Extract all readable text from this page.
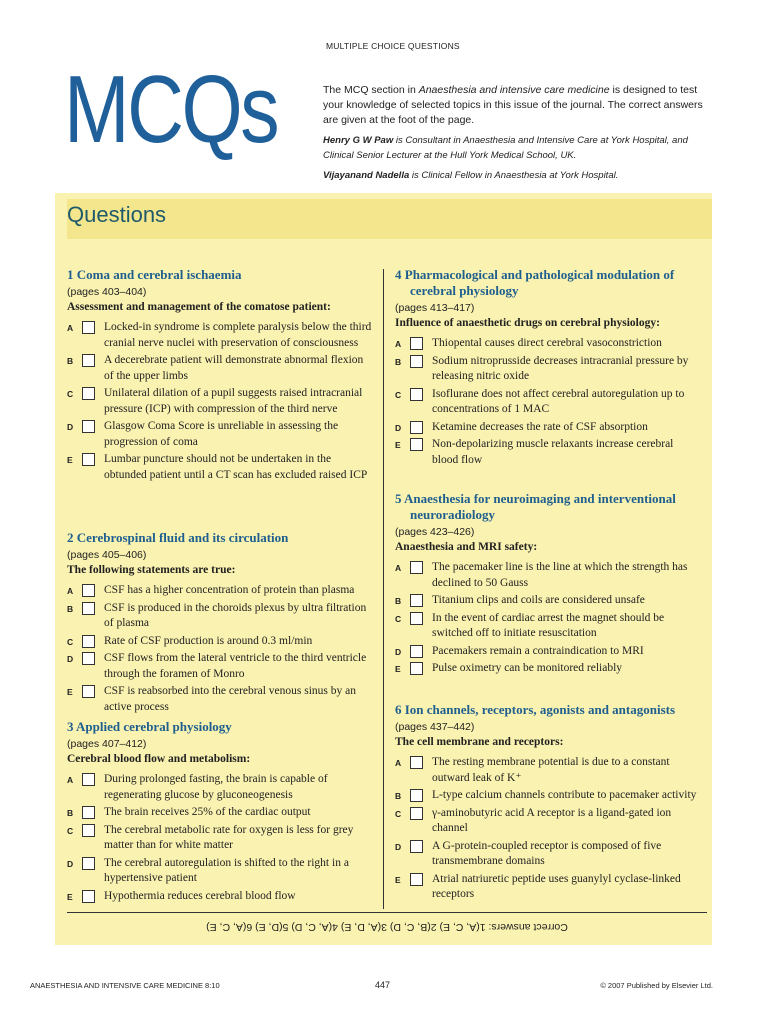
MULTIPLE CHOICE QUESTIONS
MCQs	The MCQ section in Anaesthesia and intensive care medicine is designed to test your knowledge of selected topics in this issue of the journal. The correct answers are given at the foot of the page.

Henry G W Paw is Consultant in Anaesthesia and Intensive Care at York Hospital, and Clinical Senior Lecturer at the Hull York Medical School, UK.

Vijayanand Nadella is Clinical Fellow in Anaesthesia at York Hospital.

Questions
1 Coma and cerebral ischaemia
(pages 403–404)
Assessment and management of the comatose patient:
A	Locked-in syndrome is complete paralysis below the third cranial nerve nuclei with preservation of consciousness
B	A decerebrate patient will demonstrate abnormal flexion of the upper limbs
C	Unilateral dilation of a pupil suggests raised intracranial pressure (ICP) with compression of the third nerve
D	Glasgow Coma Score is unreliable in assessing the progression of coma
E	Lumbar puncture should not be undertaken in the obtunded patient until a CT scan has excluded raised ICP
2 Cerebrospinal fluid and its circulation
(pages 405–406)
The following statements are true:
A	CSF has a higher concentration of protein than plasma
B	CSF is produced in the choroids plexus by ultra filtration of plasma
C	Rate of CSF production is around 0.3 ml/min
D	CSF flows from the lateral ventricle to the third ventricle through the foramen of Monro
E	CSF is reabsorbed into the cerebral venous sinus by an active process
3 Applied cerebral physiology
(pages 407–412)
Cerebral blood flow and metabolism:
A	During prolonged fasting, the brain is capable of regenerating glucose by gluconeogenesis
B	The brain receives 25% of the cardiac output
C	The cerebral metabolic rate for oxygen is less for grey matter than for white matter
D	The cerebral autoregulation is shifted to the right in a hypertensive patient
E	Hypothermia reduces cerebral blood flow
4 Pharmacological and pathological modulation of cerebral physiology
(pages 413–417)
Influence of anaesthetic drugs on cerebral physiology:
A	Thiopental causes direct cerebral vasoconstriction
B	Sodium nitroprusside decreases intracranial pressure by releasing nitric oxide
C	Isoflurane does not affect cerebral autoregulation up to concentrations of 1 MAC
D	Ketamine decreases the rate of CSF absorption
E	Non-depolarizing muscle relaxants increase cerebral blood flow
5 Anaesthesia for neuroimaging and interventional neuroradiology
(pages 423–426)
Anaesthesia and MRI safety:
A	The pacemaker line is the line at which the strength has declined to 50 Gauss
B	Titanium clips and coils are considered unsafe
C	In the event of cardiac arrest the magnet should be switched off to initiate resuscitation
D	Pacemakers remain a contraindication to MRI
E	Pulse oximetry can be monitored reliably
6 Ion channels, receptors, agonists and antagonists
(pages 437–442)
The cell membrane and receptors:
A	The resting membrane potential is due to a constant outward leak of K⁺
B	L-type calcium channels contribute to pacemaker activity
C	γ-aminobutyric acid A receptor is a ligand-gated ion channel
D	A G-protein-coupled receptor is composed of five transmembrane domains
E	Atrial natriuretic peptide uses guanylyl cyclase-linked receptors
Correct answers: 1(A, C, E) 2(B, C, D) 3(A, D, E) 4(A, C, D) 5(D, E) 6(A, C, E)
ANAESTHESIA AND INTENSIVE CARE MEDICINE 8:10	447	© 2007 Published by Elsevier Ltd.
